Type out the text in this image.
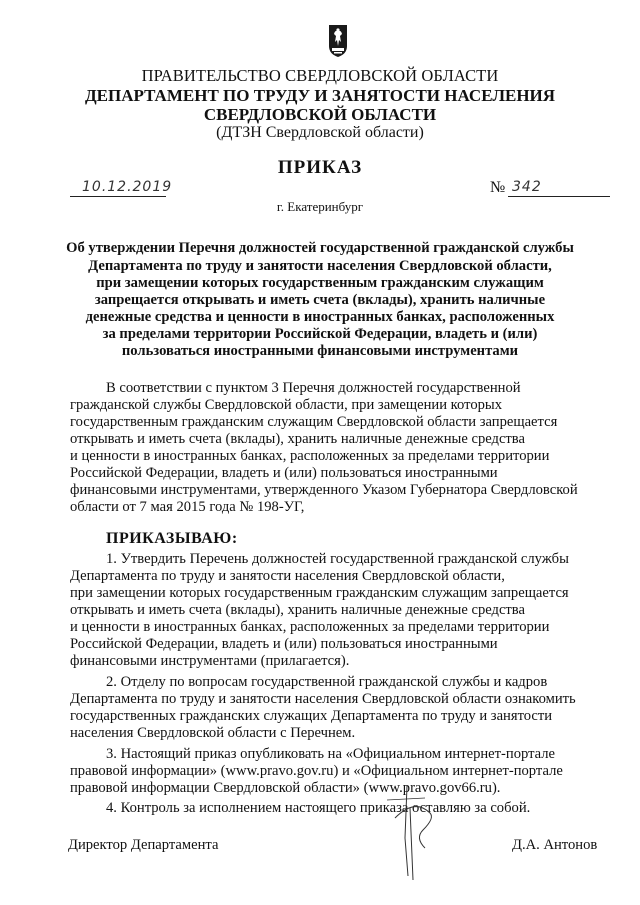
ПРАВИТЕЛЬСТВО СВЕРДЛОВСКОЙ ОБЛАСТИ
ДЕПАРТАМЕНТ ПО ТРУДУ И ЗАНЯТОСТИ НАСЕЛЕНИЯ
СВЕРДЛОВСКОЙ ОБЛАСТИ
(ДТЗН Свердловской области)
ПРИКАЗ
10.12.2019	№ 342
г. Екатеринбург
Об утверждении Перечня должностей государственной гражданской службы
Департамента по труду и занятости населения Свердловской области,
при замещении которых государственным гражданским служащим
запрещается открывать и иметь счета (вклады), хранить наличные
денежные средства и ценности в иностранных банках, расположенных
за пределами территории Российской Федерации, владеть и (или)
пользоваться иностранными финансовыми инструментами
В соответствии с пунктом 3 Перечня должностей государственной
гражданской службы Свердловской области, при замещении которых
государственным гражданским служащим Свердловской области запрещается
открывать и иметь счета (вклады), хранить наличные денежные средства
и ценности в иностранных банках, расположенных за пределами территории
Российской Федерации, владеть и (или) пользоваться иностранными
финансовыми инструментами, утвержденного Указом Губернатора Свердловской
области от 7 мая 2015 года № 198-УГ,
ПРИКАЗЫВАЮ:
1. Утвердить Перечень должностей государственной гражданской службы
Департамента по труду и занятости населения Свердловской области,
при замещении которых государственным гражданским служащим запрещается
открывать и иметь счета (вклады), хранить наличные денежные средства
и ценности в иностранных банках, расположенных за пределами территории
Российской Федерации, владеть и (или) пользоваться иностранными
финансовыми инструментами (прилагается).
2. Отделу по вопросам государственной гражданской службы и кадров
Департамента по труду и занятости населения Свердловской области ознакомить
государственных гражданских служащих Департамента по труду и занятости
населения Свердловской области с Перечнем.
3. Настоящий приказ опубликовать на «Официальном интернет-портале
правовой информации» (www.pravo.gov.ru) и «Официальном интернет-портале
правовой информации Свердловской области» (www.pravo.gov66.ru).
4. Контроль за исполнением настоящего приказа оставляю за собой.
Директор Департамента	Д.А. Антонов
